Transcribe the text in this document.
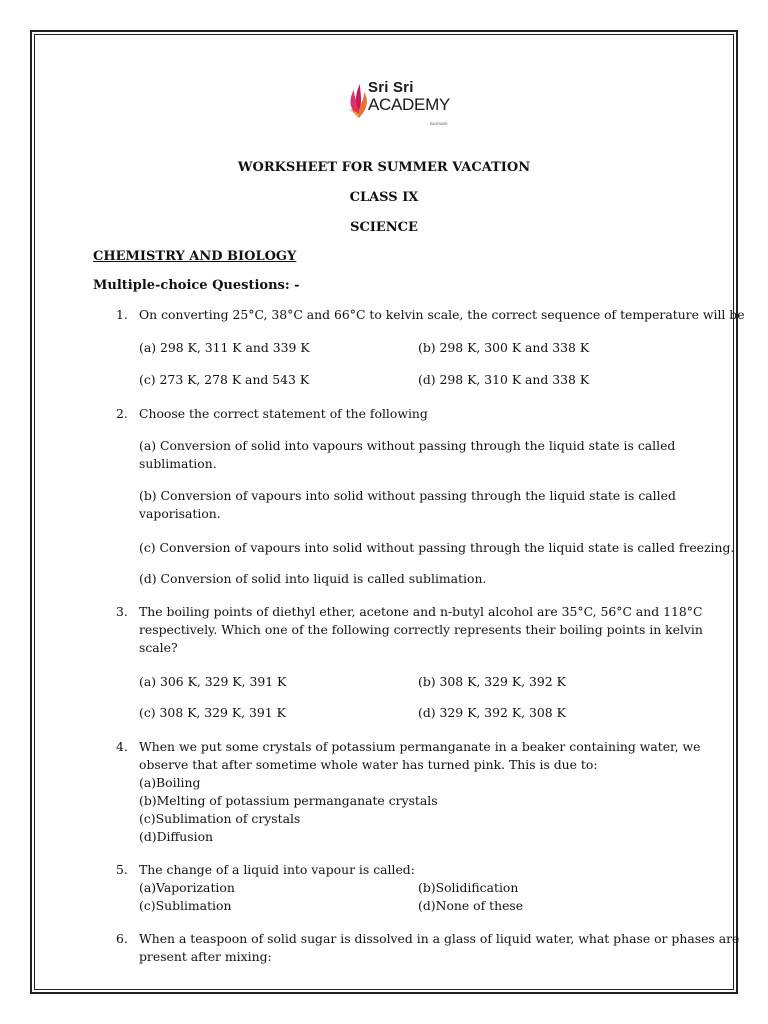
Sri Sri
ACADEMY
BUSSARI
WORKSHEET FOR SUMMER VACATION
CLASS IX
SCIENCE
CHEMISTRY AND BIOLOGY
Multiple-choice Questions: -
1. On converting 25°C, 38°C and 66°C to kelvin scale, the correct sequence of temperature will be
(a) 298 K, 311 K and 339 K	(b) 298 K, 300 K and 338 K
(c) 273 K, 278 K and 543 K	(d) 298 K, 310 K and 338 K
2. Choose the correct statement of the following
(a) Conversion of solid into vapours without passing through the liquid state is called
sublimation.
(b) Conversion of vapours into solid without passing through the liquid state is called
vaporisation.
(c) Conversion of vapours into solid without passing through the liquid state is called freezing.
(d) Conversion of solid into liquid is called sublimation.
3. The boiling points of diethyl ether, acetone and n-butyl alcohol are 35°C, 56°C and 118°C
respectively. Which one of the following correctly represents their boiling points in kelvin
scale?
(a) 306 K, 329 K, 391 K	(b) 308 K, 329 K, 392 K
(c) 308 K, 329 K, 391 K	(d) 329 K, 392 K, 308 K
4. When we put some crystals of potassium permanganate in a beaker containing water, we
observe that after sometime whole water has turned pink. This is due to:
(a)Boiling
(b)Melting of potassium permanganate crystals
(c)Sublimation of crystals
(d)Diffusion
5. The change of a liquid into vapour is called:
(a)Vaporization	(b)Solidification
(c)Sublimation	(d)None of these
6. When a teaspoon of solid sugar is dissolved in a glass of liquid water, what phase or phases are
present after mixing:
